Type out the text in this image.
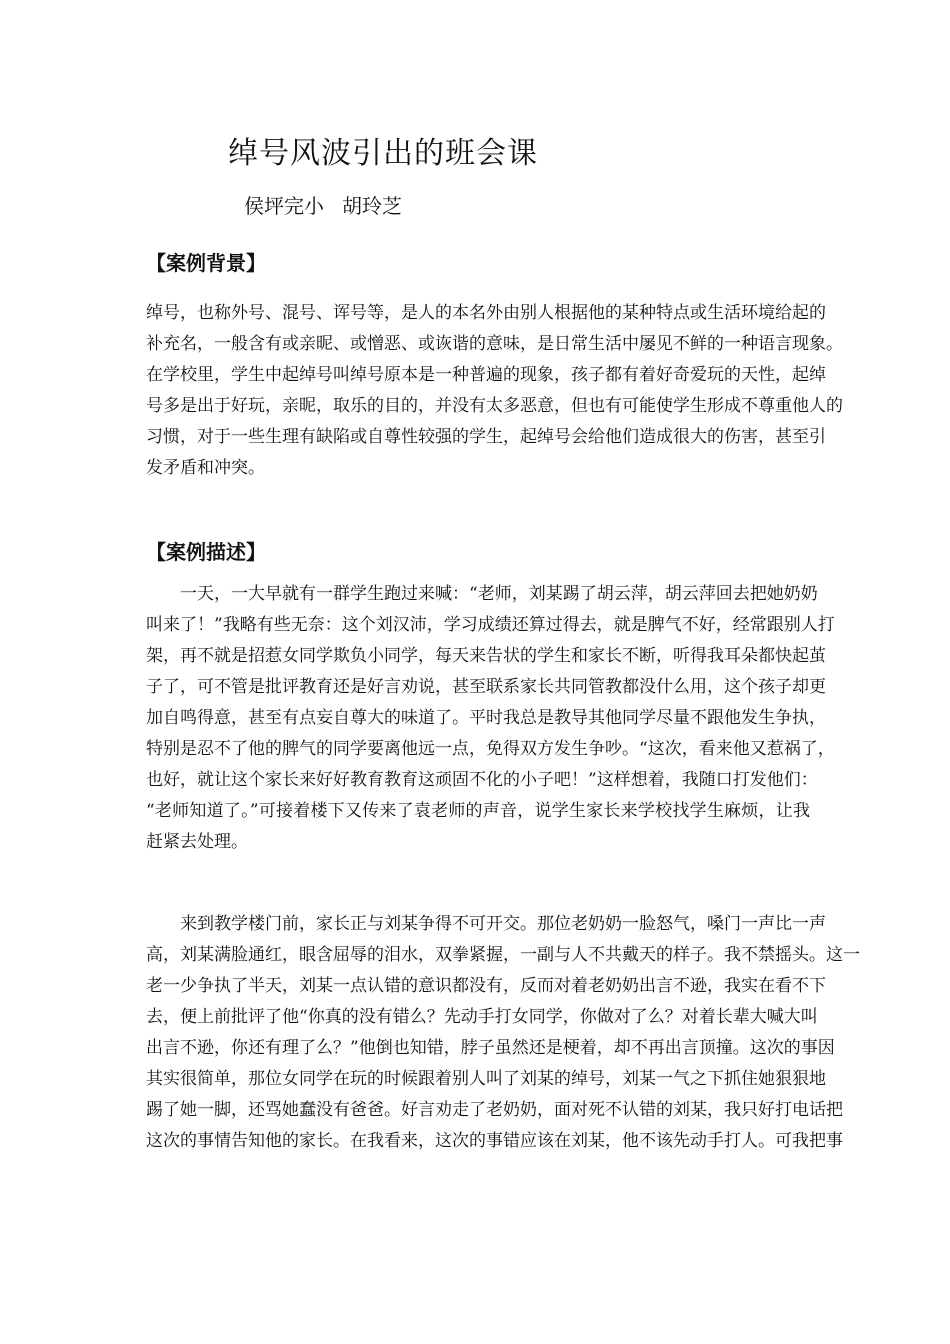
绰号风波引出的班会课
侯坪完小 胡玲芝
【案例背景】
绰号，也称外号、混号、诨号等，是人的本名外由别人根据他的某种特点或生活环境给起的
补充名，一般含有或亲昵、或憎恶、或诙谐的意味，是日常生活中屡见不鲜的一种语言现象。
在学校里，学生中起绰号叫绰号原本是一种普遍的现象，孩子都有着好奇爱玩的天性，起绰
号多是出于好玩，亲昵，取乐的目的，并没有太多恶意，但也有可能使学生形成不尊重他人的
习惯，对于一些生理有缺陷或自尊性较强的学生，起绰号会给他们造成很大的伤害，甚至引
发矛盾和冲突。
【案例描述】
　　一天，一大早就有一群学生跑过来喊：“老师，刘某踢了胡云萍，胡云萍回去把她奶奶
叫来了！”我略有些无奈：这个刘汉沛，学习成绩还算过得去，就是脾气不好，经常跟别人打
架，再不就是招惹女同学欺负小同学，每天来告状的学生和家长不断，听得我耳朵都快起茧
子了，可不管是批评教育还是好言劝说，甚至联系家长共同管教都没什么用，这个孩子却更
加自鸣得意，甚至有点妄自尊大的味道了。平时我总是教导其他同学尽量不跟他发生争执，
特别是忍不了他的脾气的同学要离他远一点，免得双方发生争吵。“这次，看来他又惹祸了，
也好，就让这个家长来好好教育教育这顽固不化的小子吧！”这样想着，我随口打发他们：
“老师知道了。”可接着楼下又传来了袁老师的声音，说学生家长来学校找学生麻烦，让我
赶紧去处理。
　　来到教学楼门前，家长正与刘某争得不可开交。那位老奶奶一脸怒气，嗓门一声比一声
高，刘某满脸通红，眼含屈辱的泪水，双拳紧握，一副与人不共戴天的样子。我不禁摇头。这一
老一少争执了半天，刘某一点认错的意识都没有，反而对着老奶奶出言不逊，我实在看不下
去，便上前批评了他“你真的没有错么？先动手打女同学，你做对了么？对着长辈大喊大叫
出言不逊，你还有理了么？”他倒也知错，脖子虽然还是梗着，却不再出言顶撞。这次的事因
其实很简单，那位女同学在玩的时候跟着别人叫了刘某的绰号，刘某一气之下抓住她狠狠地
踢了她一脚，还骂她蠢没有爸爸。好言劝走了老奶奶，面对死不认错的刘某，我只好打电话把
这次的事情告知他的家长。在我看来，这次的事错应该在刘某，他不该先动手打人。可我把事
